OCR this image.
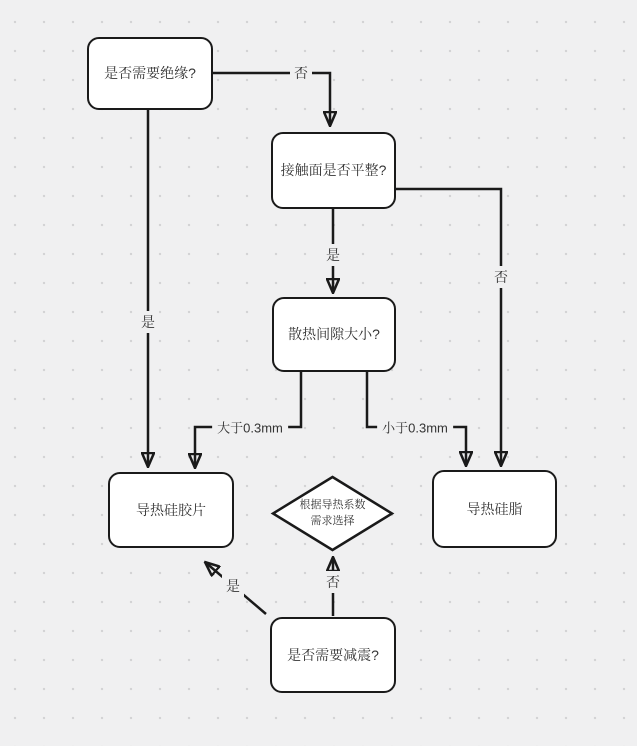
是否需要绝缘?
接触面是否平整?
散热间隙大小?
导热硅胶片	根据导热系数
需求选择
导热硅脂
是否需要减震?
否
是
是
否
大于0.3mm	小于0.3mm
否
是
